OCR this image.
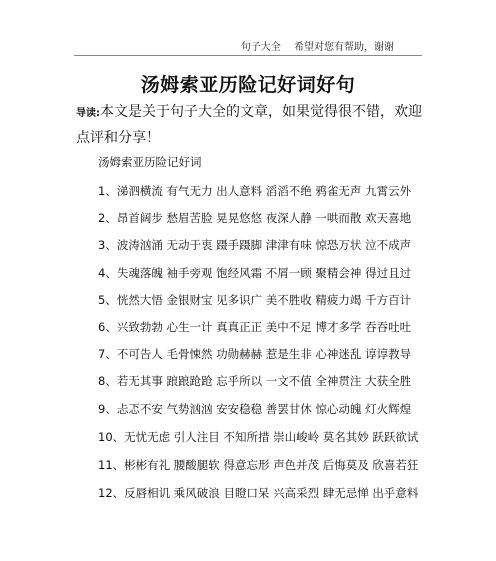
句子大全 希望对您有帮助，谢谢
汤姆索亚历险记好词好句
导读:本文是关于句子大全的文章，如果觉得很不错，欢迎点评和分享！
汤姆索亚历险记好词
1、涕泗横流 有气无力 出人意料 滔滔不绝 鸦雀无声 九霄云外
2、昂首阔步 愁眉苦脸 晃晃悠悠 夜深人静 一哄而散 欢天喜地
3、波涛汹涌 无动于衷 蹑手蹑脚 津津有味 惊恐万状 泣不成声
4、失魂落魄 袖手旁观 饱经风霜 不屑一顾 聚精会神 得过且过
5、恍然大悟 金银财宝 见多识广 美不胜收 精疲力竭 千方百计
6、兴致勃勃 心生一计 真真正正 美中不足 博才多学 吞吞吐吐
7、不可告人 毛骨悚然 功勋赫赫 惹是生非 心神迷乱 谆谆教导
8、若无其事 踉踉跄跄 忘乎所以 一文不值 全神贯注 大获全胜
9、忐忑不安 气势汹汹 安安稳稳 善罢甘休 惊心动魄 灯火辉煌
10、无忧无虑 引人注目 不知所措 崇山峻岭 莫名其妙 跃跃欲试
11、彬彬有礼 腰酸腿软 得意忘形 声色并茂 后悔莫及 欣喜若狂
12、反唇相讥 乘风破浪 目瞪口呆 兴高采烈 肆无忌惮 出乎意料
